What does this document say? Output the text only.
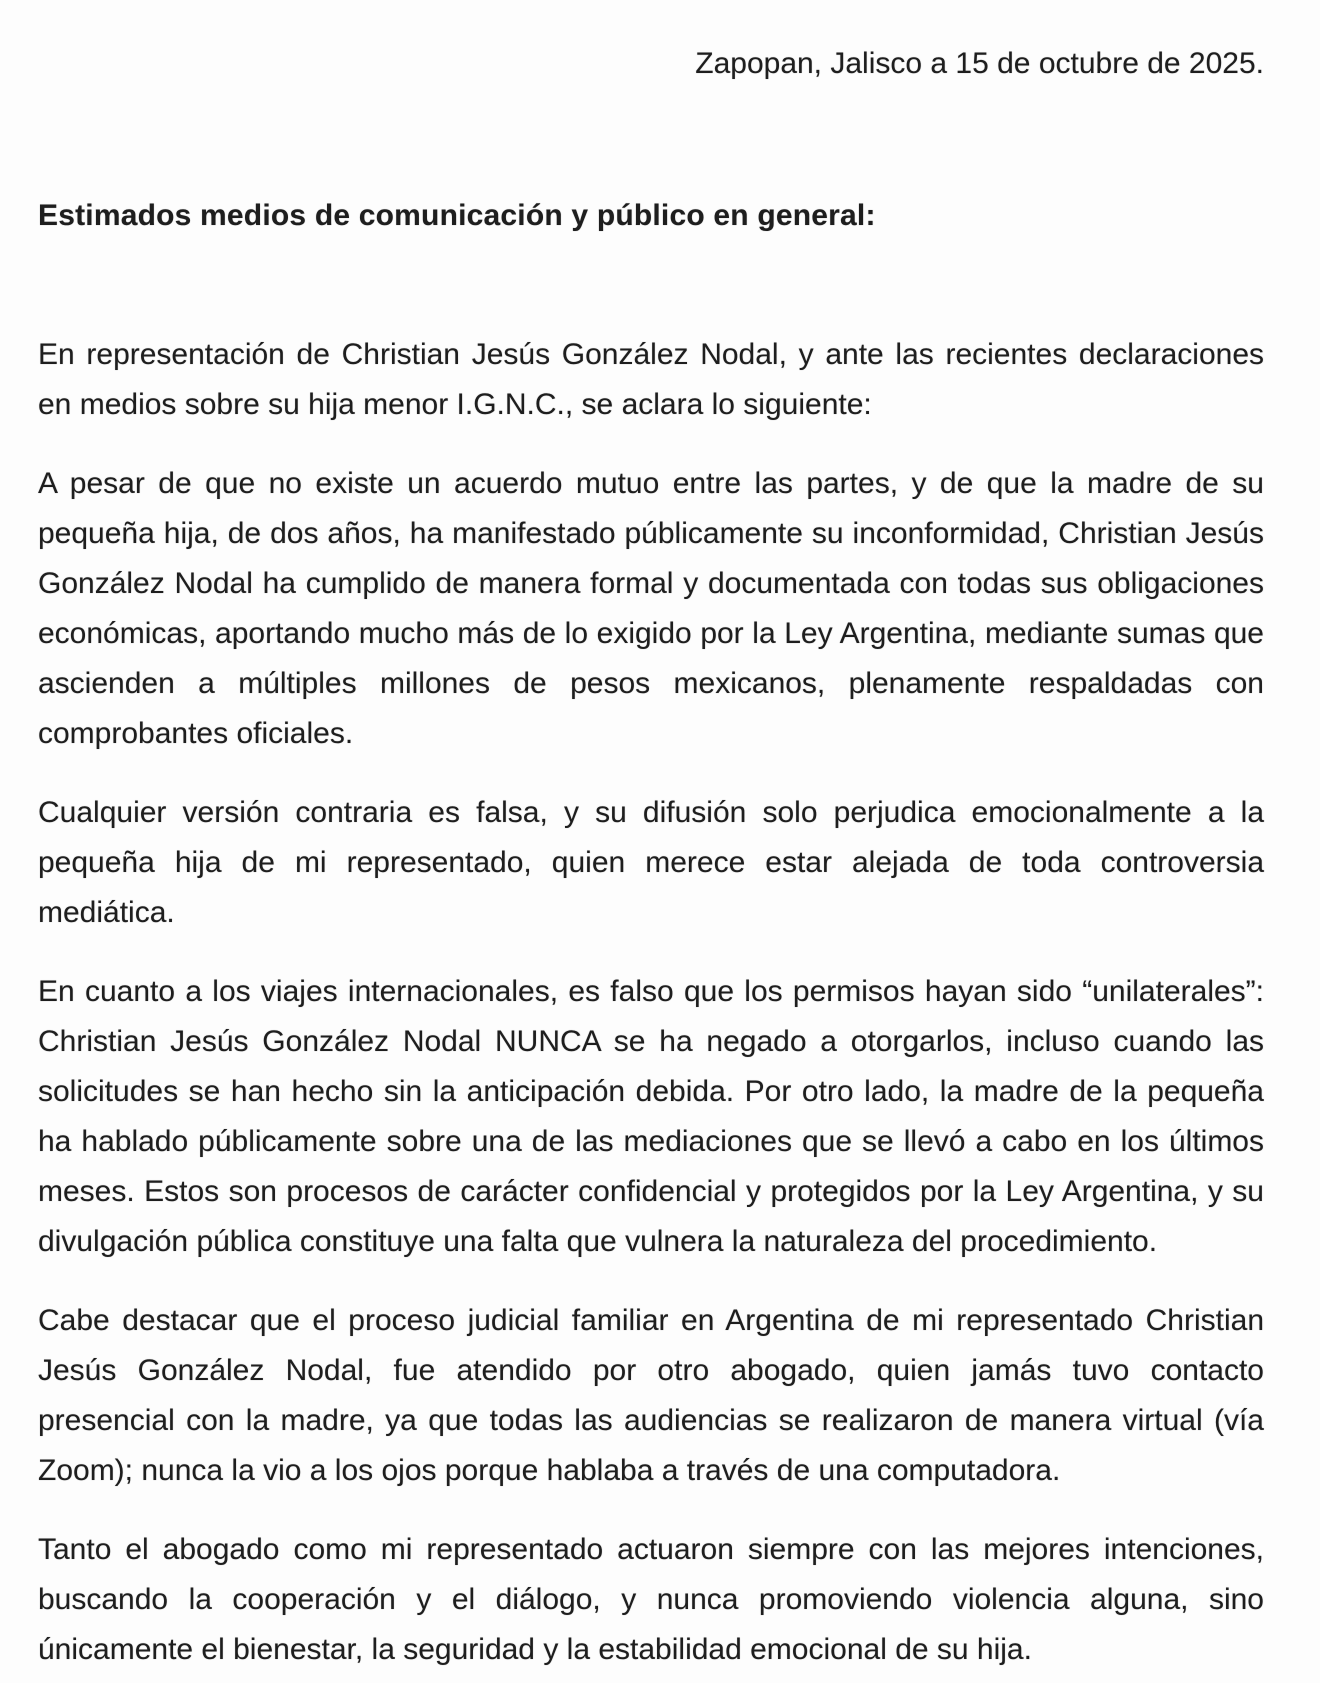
Zapopan, Jalisco a 15 de octubre de 2025.

Estimados medios de comunicación y público en general:

En representación de Christian Jesús González Nodal, y ante las recientes declaraciones en medios sobre su hija menor I.G.N.C., se aclara lo siguiente:

A pesar de que no existe un acuerdo mutuo entre las partes, y de que la madre de su pequeña hija, de dos años, ha manifestado públicamente su inconformidad, Christian Jesús González Nodal ha cumplido de manera formal y documentada con todas sus obligaciones económicas, aportando mucho más de lo exigido por la Ley Argentina, mediante sumas que ascienden a múltiples millones de pesos mexicanos, plenamente respaldadas con comprobantes oficiales.

Cualquier versión contraria es falsa, y su difusión solo perjudica emocionalmente a la pequeña hija de mi representado, quien merece estar alejada de toda controversia mediática.

En cuanto a los viajes internacionales, es falso que los permisos hayan sido “unilaterales”: Christian Jesús González Nodal NUNCA se ha negado a otorgarlos, incluso cuando las solicitudes se han hecho sin la anticipación debida. Por otro lado, la madre de la pequeña ha hablado públicamente sobre una de las mediaciones que se llevó a cabo en los últimos meses. Estos son procesos de carácter confidencial y protegidos por la Ley Argentina, y su divulgación pública constituye una falta que vulnera la naturaleza del procedimiento.

Cabe destacar que el proceso judicial familiar en Argentina de mi representado Christian Jesús González Nodal, fue atendido por otro abogado, quien jamás tuvo contacto presencial con la madre, ya que todas las audiencias se realizaron de manera virtual (vía Zoom); nunca la vio a los ojos porque hablaba a través de una computadora.

Tanto el abogado como mi representado actuaron siempre con las mejores intenciones, buscando la cooperación y el diálogo, y nunca promoviendo violencia alguna, sino únicamente el bienestar, la seguridad y la estabilidad emocional de su hija.
